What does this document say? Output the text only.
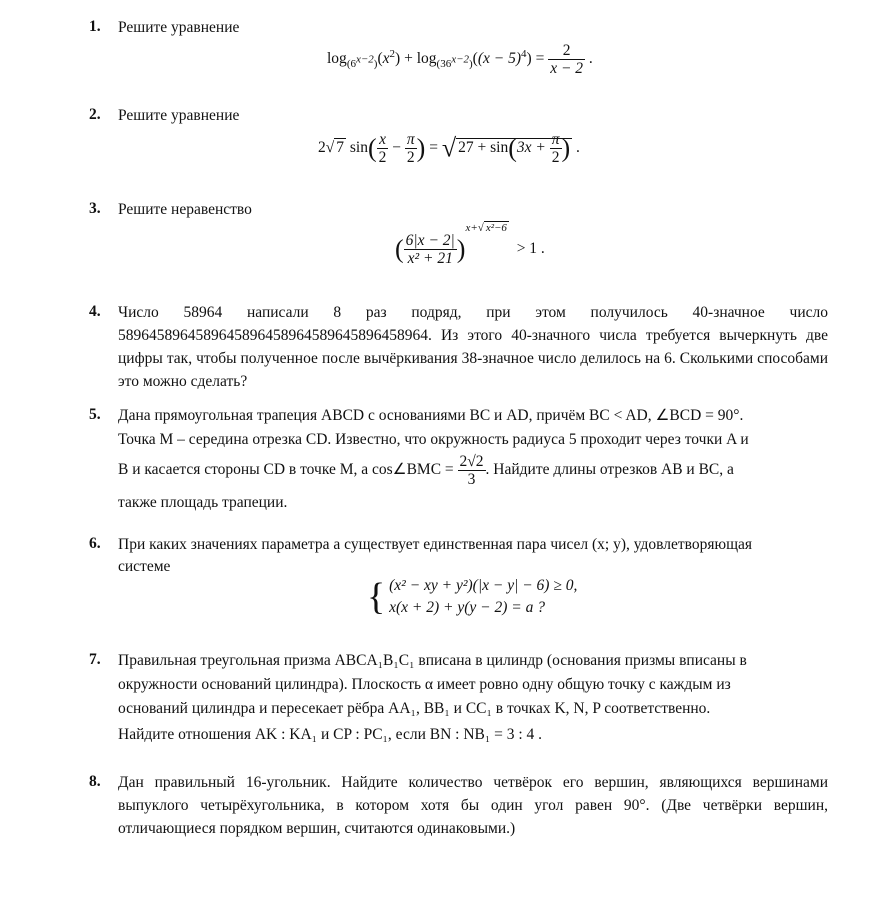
1. Решите уравнение
$\log_{(6^{x-2})}(x^2) + \log_{(36^{x-2})}((x - 5)^4) = \frac{2}{x - 2}$ .
2. Решите уравнение
2√ 7 $\sin( \frac{x}{2} - \frac{\pi}{2}$ ) = √ $27 + \sin(3x + \frac{\pi}{2}$ ) .
3. Решите неравенство
( $\frac{6|x - 2|}{\text{x² + 21}} )^{x+√ x^2-6} > 1$ .
4. Число 58964 написали 8 раз подряд, при этом получилось 40-значное число 5896458964589645896458964589645896458964. Из этого 40-значного числа требуется вычеркнуть две цифры так, чтобы полученное после вычёркивания 38-значное число делилось на 6. Сколькими способами это можно сделать?
5. Дана прямоугольная трапеция ABCD с основаниями BC и AD, причём BC < AD, ∠BCD = 90°.
Точка M – середина отрезка CD. Известно, что окружность радиуса 5 проходит через точки A и
B и касается стороны CD в точке M, а cos∠BMC = $\frac{2√2}{3}$ . Найдите длины отрезков AB и BC, а
также площадь трапеции.
6. При каких значениях параметра a существует единственная пара чисел (x; y), удовлетворяющая
системе
{ (x² − xy + y²)(|x − y| − 6) ≥ 0,
x(x + 2) + y(y − 2) = a ?
7. Правильная треугольная призма ABCA₁B₁C₁ вписана в цилиндр (основания призмы вписаны в
окружности оснований цилиндра). Плоскость α имеет ровно одну общую точку с каждым из
оснований цилиндра и пересекает рёбра AA₁, BB₁ и CC₁ в точках K, N, P соответственно.
Найдите отношения AK : KA₁ и CP : PC₁, если BN : NB₁ = 3 : 4 .
8. Дан правильный 16-угольник. Найдите количество четвёрок его вершин, являющихся вершинами выпуклого четырёхугольника, в котором хотя бы один угол равен 90°. (Две четвёрки вершин, отличающиеся порядком вершин, считаются одинаковыми.)
